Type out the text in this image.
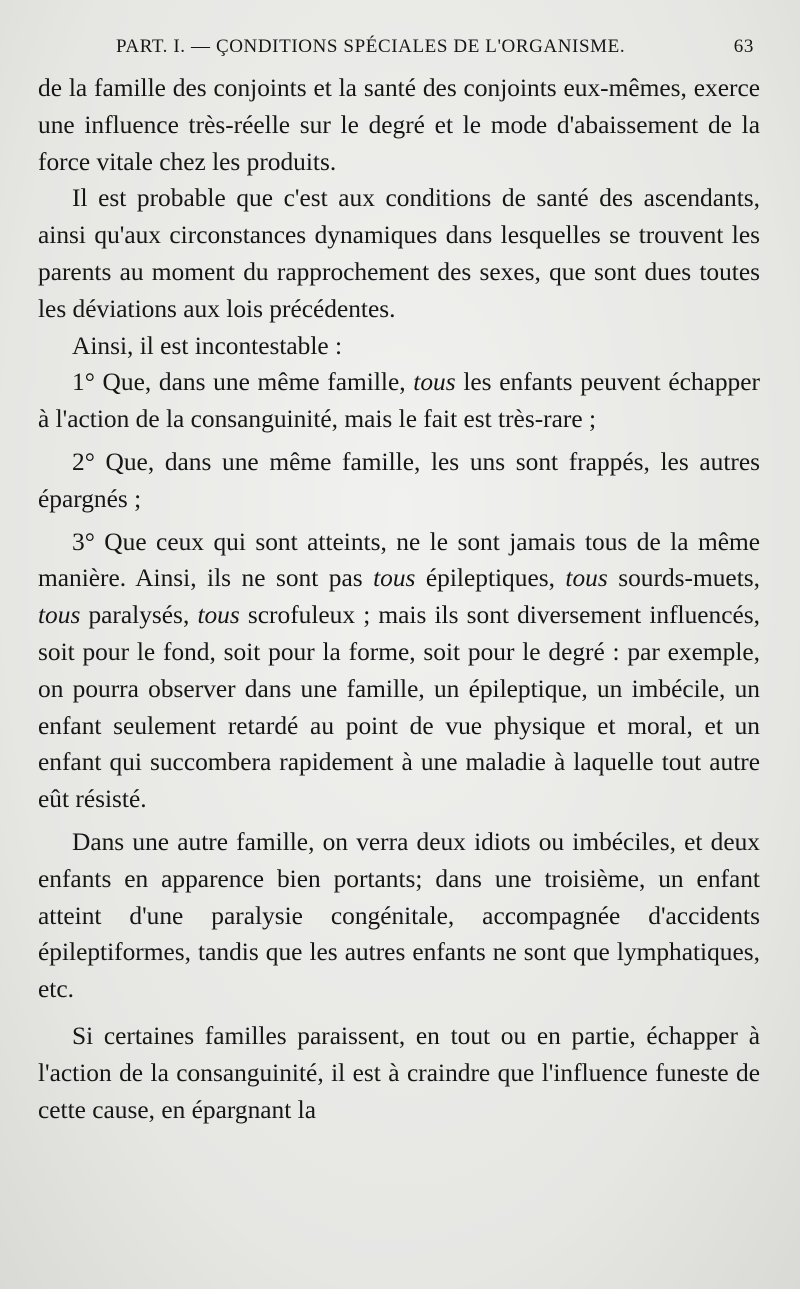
PART. I. — ÇONDITIONS SPÉCIALES DE L'ORGANISME.	63

de la famille des conjoints et la santé des conjoints eux-mêmes, exerce une influence très-réelle sur le degré et le mode d'abaissement de la force vitale chez les produits.

Il est probable que c'est aux conditions de santé des ascendants, ainsi qu'aux circonstances dynamiques dans lesquelles se trouvent les parents au moment du rapprochement des sexes, que sont dues toutes les déviations aux lois précédentes.

Ainsi, il est incontestable :

1° Que, dans une même famille, tous les enfants peuvent échapper à l'action de la consanguinité, mais le fait est très-rare ;

2° Que, dans une même famille, les uns sont frappés, les autres épargnés ;

3° Que ceux qui sont atteints, ne le sont jamais tous de la même manière. Ainsi, ils ne sont pas tous épileptiques, tous sourds-muets, tous paralysés, tous scrofuleux ; mais ils sont diversement influencés, soit pour le fond, soit pour la forme, soit pour le degré : par exemple, on pourra observer dans une famille, un épileptique, un imbécile, un enfant seulement retardé au point de vue physique et moral, et un enfant qui succombera rapidement à une maladie à laquelle tout autre eût résisté.

Dans une autre famille, on verra deux idiots ou imbéciles, et deux enfants en apparence bien portants; dans une troisième, un enfant atteint d'une paralysie congénitale, accompagnée d'accidents épileptiformes, tandis que les autres enfants ne sont que lymphatiques, etc.

Si certaines familles paraissent, en tout ou en partie, échapper à l'action de la consanguinité, il est à craindre que l'influence funeste de cette cause, en épargnant la
